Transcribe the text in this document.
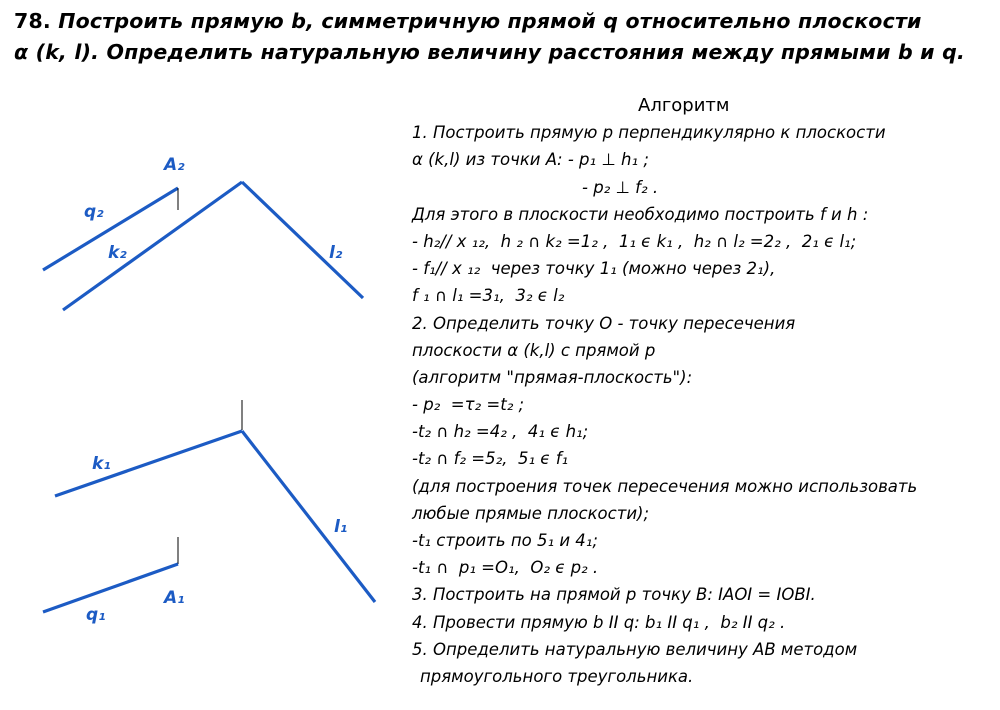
78. Построить прямую b, симметричную прямой q относительно плоскости
α (k, l). Определить натуральную величину расстояния между прямыми b и q.

q₂
A₂
k₂	l₂
k₁
l₁
q₁
A₁
Алгоритм
1. Построить прямую p перпендикулярно к плоскости
α (k,l) из точки А: - p₁ ⊥ h₁ ;
- p₂ ⊥ f₂ .
Для этого в плоскости необходимо построить f и h :
- h₂// x ₁₂,  h ₂ ∩ k₂ =1₂ ,  1₁ ϵ k₁ ,  h₂ ∩ l₂ =2₂ ,  2₁ ϵ l₁;
- f₁// x ₁₂  через точку 1₁ (можно через 2₁),
f ₁ ∩ l₁ =3₁,  3₂ ϵ l₂
2. Определить точку О - точку пересечения
плоскости α (k,l) с прямой p
(алгоритм "прямая-плоскость"):
- p₂  =τ₂ =t₂ ;
-t₂ ∩ h₂ =4₂ ,  4₁ ϵ h₁;
-t₂ ∩ f₂ =5₂,  5₁ ϵ f₁
(для построения точек пересечения можно использовать
любые прямые плоскости);
-t₁ строить по 5₁ и 4₁;
-t₁ ∩  p₁ =O₁,  O₂ ϵ p₂ .
3. Построить на прямой p точку В: IAOI = IOBI.
4. Провести прямую b II q: b₁ II q₁ ,  b₂ II q₂ .
5. Определить натуральную величину АВ методом
прямоугольного треугольника.
